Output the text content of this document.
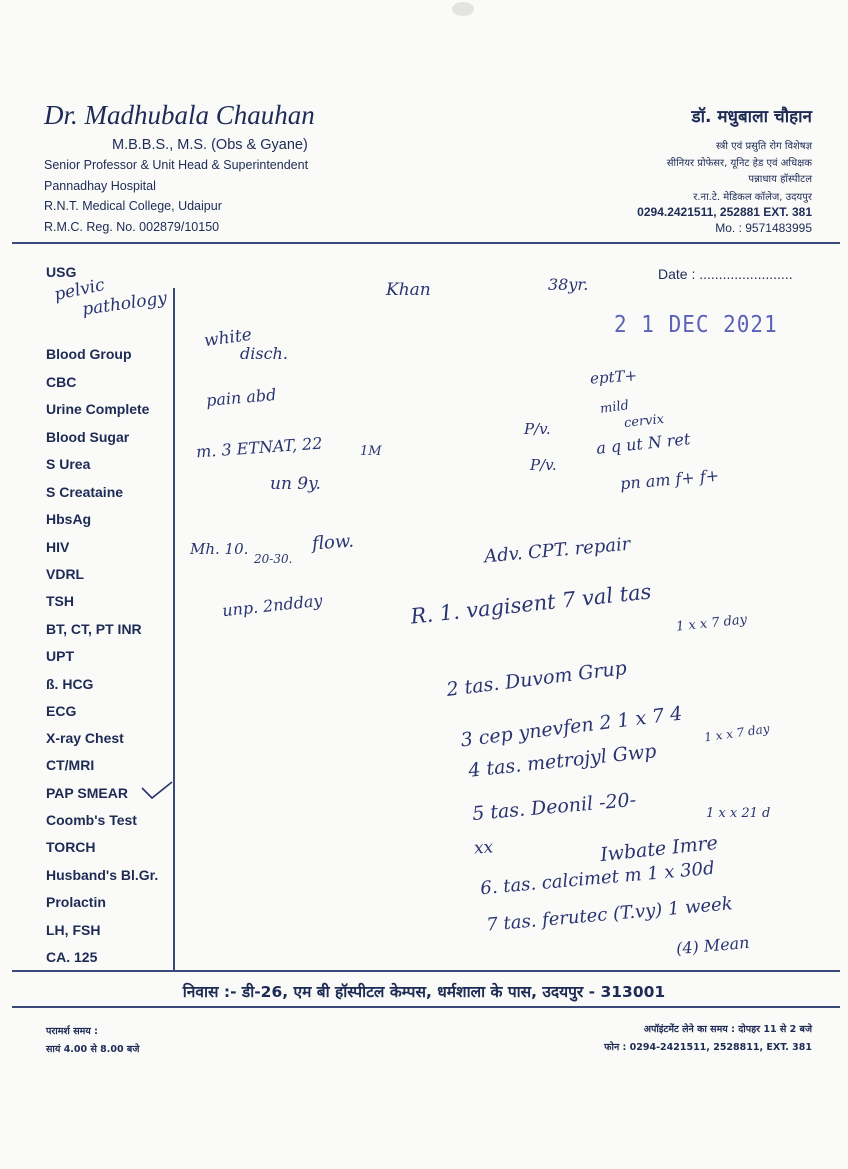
Dr. Madhubala Chauhan
M.B.B.S., M.S. (Obs & Gyane)
Senior Professor & Unit Head & Superintendent
Pannadhay Hospital
R.N.T. Medical College, Udaipur
R.M.C. Reg. No. 002879/10150
डॉ. मधुबाला चौहान
स्त्री एवं प्रसुति रोग विशेषज्ञ
सीनियर प्रोफेसर, यूनिट हेड एवं अधिक्षक
पन्नाधाय हॉस्पीटल
र.ना.टे. मेडिकल कॉलेज, उदयपुर
0294.2421511, 252881 EXT. 381
Mo. : 9571483995
Date : ........................
2 1 DEC 2021
USG
Blood Group
CBC
Urine Complete
Blood Sugar
S Urea
S Creataine
HbsAg
HIV
VDRL
TSH
BT, CT, PT INR
UPT
ß. HCG
ECG
X-ray Chest
CT/MRI
PAP SMEAR
Coomb's Test
TORCH
Husband's Bl.Gr.
Prolactin
LH, FSH
CA. 125
pelvic
pathology	Khan	38yr.
white
disch.
pain abd
m. 3 ETNAT, 22	1M
un 9y.
Mh. 10.
20-30.
flow.
unp. 2ndday
eptT+
mild
cervix
P/v.
P/v.
a q ut N ret
pn am f+ f+
Adv. CPT. repair
R. 1. vagisent 7 val tas 1 x x 7 day
2 tas. Duvom Grup
3 cep ynevfen 2 1 x 7 4 1 x x 7 day
4 tas. metrojyl Gwp
5 tas. Deonil -20-	1 x x 21 d
xx	Iwbate Imre
6. tas. calcimet m 1 x 30d
7 tas. ferutec (T.vy) 1 week
(4) Mean
निवास :- डी-26, एम बी हॉस्पीटल केम्पस, धर्मशाला के पास, उदयपुर - 313001
परामर्श समय :
सायं 4.00 से 8.00 बजे
अपॉइंटमेंट लेने का समय : दोपहर 11 से 2 बजे
फोन : 0294-2421511, 2528811, EXT. 381
